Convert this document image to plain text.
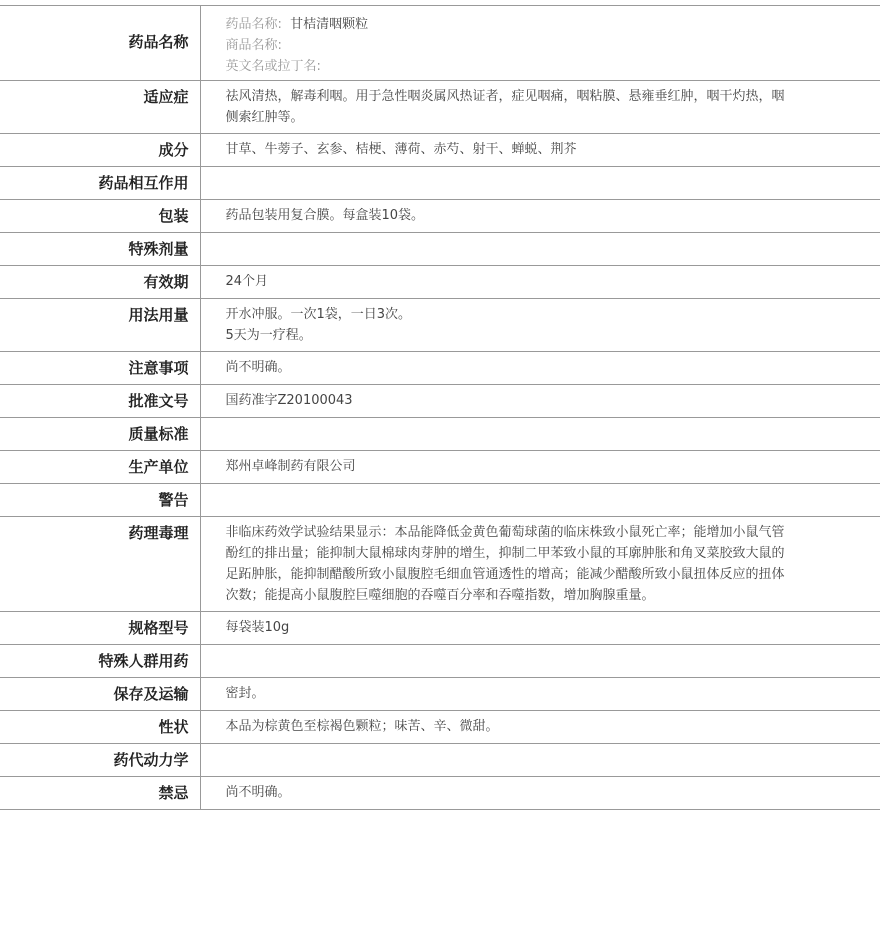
药品名称	药品名称: 甘桔清咽颗粒
商品名称:
英文名或拉丁名:

适应症	祛风清热，解毒利咽。用于急性咽炎属风热证者，症见咽痛，咽粘膜、悬雍垂红肿，咽干灼热，咽侧索红肿等。

成分	甘草、牛蒡子、玄参、桔梗、薄荷、赤芍、射干、蝉蜕、荆芥

药品相互作用	

包装	药品包装用复合膜。每盒装10袋。

特殊剂量	

有效期	24个月

用法用量	开水冲服。一次1袋，一日3次。
5天为一疗程。

注意事项	尚不明确。

批准文号	国药准字Z20100043

质量标准	

生产单位	郑州卓峰制药有限公司

警告	

药理毒理	非临床药效学试验结果显示：本品能降低金黄色葡萄球菌的临床株致小鼠死亡率；能增加小鼠气管酚红的排出量；能抑制大鼠棉球肉芽肿的增生，抑制二甲苯致小鼠的耳廓肿胀和角叉菜胶致大鼠的足跖肿胀，能抑制醋酸所致小鼠腹腔毛细血管通透性的增高；能减少醋酸所致小鼠扭体反应的扭体次数；能提高小鼠腹腔巨噬细胞的吞噬百分率和吞噬指数，增加胸腺重量。

规格型号	每袋装10g

特殊人群用药	

保存及运输	密封。

性状	本品为棕黄色至棕褐色颗粒；味苦、辛、微甜。

药代动力学	

禁忌	尚不明确。
